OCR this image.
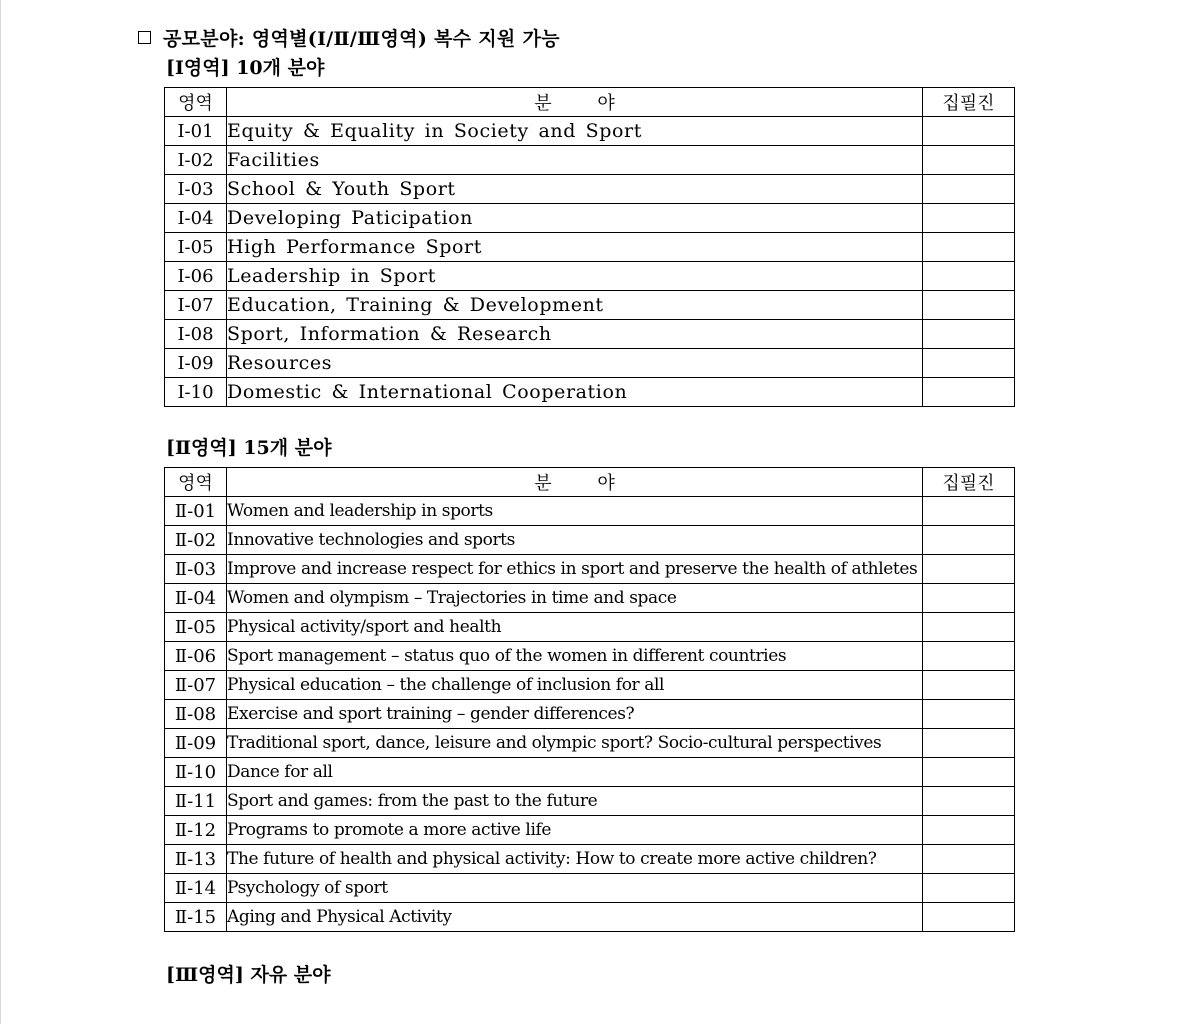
공모분야: 영역별(I/Ⅱ/Ⅲ영역) 복수 지원 가능
[I영역] 10개 분야
영역	분 야	집필진
Ⅰ-01	Equity & Equality in Society and Sport	
Ⅰ-02	Facilities	
Ⅰ-03	School & Youth Sport	
Ⅰ-04	Developing Paticipation	
Ⅰ-05	High Performance Sport	
Ⅰ-06	Leadership in Sport	
Ⅰ-07	Education, Training & Development	
Ⅰ-08	Sport, Information & Research	
Ⅰ-09	Resources	
Ⅰ-10	Domestic & International Cooperation	
[Ⅱ영역] 15개 분야
영역	분 야	집필진
Ⅱ-01	Women and leadership in sports	
Ⅱ-02	Innovative technologies and sports	
Ⅱ-03	Improve and increase respect for ethics in sport and preserve the health of athletes	
Ⅱ-04	Women and olympism – Trajectories in time and space	
Ⅱ-05	Physical activity/sport and health	
Ⅱ-06	Sport management – status quo of the women in different countries	
Ⅱ-07	Physical education – the challenge of inclusion for all	
Ⅱ-08	Exercise and sport training – gender differences?	
Ⅱ-09	Traditional sport, dance, leisure and olympic sport? Socio-cultural perspectives	
Ⅱ-10	Dance for all	
Ⅱ-11	Sport and games: from the past to the future	
Ⅱ-12	Programs to promote a more active life	
Ⅱ-13	The future of health and physical activity: How to create more active children?	
Ⅱ-14	Psychology of sport	
Ⅱ-15	Aging and Physical Activity	
[Ⅲ영역] 자유 분야
